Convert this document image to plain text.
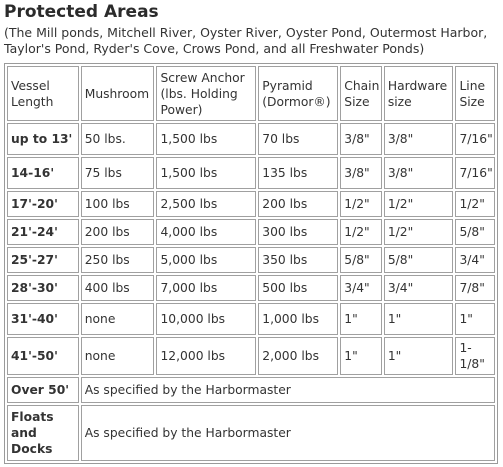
Protected Areas

(The Mill ponds, Mitchell River, Oyster River, Oyster Pond, Outermost Harbor,
Taylor's Pond, Ryder's Cove, Crows Pond, and all Freshwater Ponds)

Vessel Length	Mushroom	Screw Anchor (lbs. Holding Power)	Pyramid (Dormor®)	Chain Size	Hardware size	Line Size
up to 13'	50 lbs.	1,500 lbs	70 lbs	3/8"	3/8"	7/16"
14-16'	75 lbs	1,500 lbs	135 lbs	3/8"	3/8"	7/16"
17'-20'	100 lbs	2,500 lbs	200 lbs	1/2"	1/2"	1/2"
21'-24'	200 lbs	4,000 lbs	300 lbs	1/2"	1/2"	5/8"
25'-27'	250 lbs	5,000 lbs	350 lbs	5/8"	5/8"	3/4"
28'-30'	400 lbs	7,000 lbs	500 lbs	3/4"	3/4"	7/8"
31'-40'	none	10,000 lbs	1,000 lbs	1"	1"	1"
41'-50'	none	12,000 lbs	2,000 lbs	1"	1"	1-1/8"
Over 50'	As specified by the Harbormaster					
Floats and Docks	As specified by the Harbormaster					
